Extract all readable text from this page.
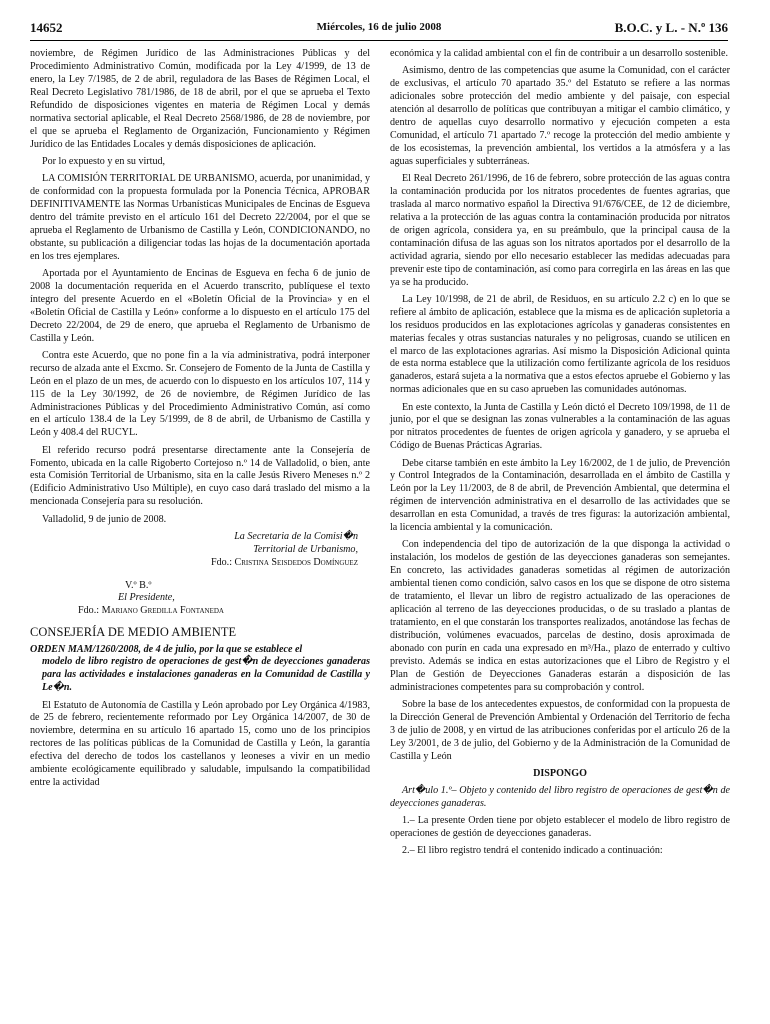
14652	Miércoles, 16 de julio 2008	B.O.C. y L. - N.º 136

noviembre, de Régimen Jurídico de las Administraciones Públicas y del Procedimiento Administrativo Común, modificada por la Ley 4/1999, de 13 de enero, la Ley 7/1985, de 2 de abril, reguladora de las Bases de Régimen Local, el Real Decreto Legislativo 781/1986, de 18 de abril, por el que se aprueba el Texto Refundido de disposiciones vigentes en materia de Régimen Local y demás normativa sectorial aplicable, el Real Decreto 2568/1986, de 28 de noviembre, por el que se aprueba el Reglamento de Organización, Funcionamiento y Régimen Jurídico de las Entidades Locales y demás disposiciones de aplicación.

Por lo expuesto y en su virtud,

LA COMISIÓN TERRITORIAL DE URBANISMO, acuerda, por unanimidad, y de conformidad con la propuesta formulada por la Ponencia Técnica, APROBAR DEFINITIVAMENTE las Normas Urbanísticas Municipales de Encinas de Esgueva dentro del trámite previsto en el artículo 161 del Decreto 22/2004, por el que se aprueba el Reglamento de Urbanismo de Castilla y León, CONDICIONANDO, no obstante, su publicación a diligenciar todas las hojas de la documentación aportada en los tres ejemplares.

Aportada por el Ayuntamiento de Encinas de Esgueva en fecha 6 de junio de 2008 la documentación requerida en el Acuerdo transcrito, publíquese el texto íntegro del presente Acuerdo en el «Boletín Oficial de la Provincia» y en el «Boletín Oficial de Castilla y León» conforme a lo dispuesto en el artículo 175 del Decreto 22/2004, de 29 de enero, que aprueba el Reglamento de Urbanismo de Castilla y León.

Contra este Acuerdo, que no pone fin a la vía administrativa, podrá interponer recurso de alzada ante el Excmo. Sr. Consejero de Fomento de la Junta de Castilla y León en el plazo de un mes, de acuerdo con lo dispuesto en los artículos 107, 114 y 115 de la Ley 30/1992, de 26 de noviembre, de Régimen Jurídico de las Administraciones Públicas y del Procedimiento Administrativo Común, así como en el artículo 138.4 de la Ley 5/1999, de 8 de abril, de Urbanismo de Castilla y León y 408.4 del RUCYL.

El referido recurso podrá presentarse directamente ante la Consejería de Fomento, ubicada en la calle Rigoberto Cortejoso n.º 14 de Valladolid, o bien, ante esta Comisión Territorial de Urbanismo, sita en la calle Jesús Rivero Meneses n.º 2 (Edificio Administrativo Uso Múltiple), en cuyo caso dará traslado del mismo a la mencionada Consejería para su resolución.

Valladolid, 9 de junio de 2008.

La Secretaria de la Comisi�n
Territorial de Urbanismo,
Fdo.: Cristina Seisdedos Domínguez
V.º B.º
El Presidente,
Fdo.: Mariano Gredilla Fontaneda

CONSEJERÍA DE MEDIO AMBIENTE

ORDEN MAM/1260/2008, de 4 de julio, por la que se establece el
modelo de libro registro de operaciones de gest�n de deyecciones ganaderas para las actividades e instalaciones ganaderas en la Comunidad de Castilla y Le�n.

El Estatuto de Autonomía de Castilla y León aprobado por Ley Orgánica 4/1983, de 25 de febrero, recientemente reformado por Ley Orgánica 14/2007, de 30 de noviembre, determina en su artículo 16 apartado 15, como uno de los principios rectores de las políticas públicas de la Comunidad de Castilla y León, la garantía efectiva del derecho de todos los castellanos y leoneses a vivir en un medio ambiente ecológicamente equilibrado y saludable, impulsando la compatibilidad entre la actividad

económica y la calidad ambiental con el fin de contribuir a un desarrollo sostenible.

Asimismo, dentro de las competencias que asume la Comunidad, con el carácter de exclusivas, el artículo 70 apartado 35.º del Estatuto se refiere a las normas adicionales sobre protección del medio ambiente y del paisaje, con especial atención al desarrollo de políticas que contribuyan a mitigar el cambio climático, y dentro de aquellas cuyo desarrollo normativo y ejecución competen a esta Comunidad, el artículo 71 apartado 7.º recoge la protección del medio ambiente y de los ecosistemas, la prevención ambiental, los vertidos a la atmósfera y a las aguas superficiales y subterráneas.

El Real Decreto 261/1996, de 16 de febrero, sobre protección de las aguas contra la contaminación producida por los nitratos procedentes de fuentes agrarias, que traslada al marco normativo español la Directiva 91/676/CEE, de 12 de diciembre, relativa a la protección de las aguas contra la contaminación producida por nitratos de origen agrícola, considera ya, en su preámbulo, que la principal causa de la contaminación difusa de las aguas son los nitratos aportados por el desarrollo de la actividad agraria, siendo por ello necesario establecer las medidas adecuadas para prevenir este tipo de contaminación, así como para corregirla en las áreas en las que ya se ha producido.

La Ley 10/1998, de 21 de abril, de Residuos, en su artículo 2.2 c) en lo que se refiere al ámbito de aplicación, establece que la misma es de aplicación supletoria a los residuos producidos en las explotaciones agrícolas y ganaderas consistentes en materias fecales y otras sustancias naturales y no peligrosas, cuando se utilicen en el marco de las explotaciones agrarias. Así mismo la Disposición Adicional quinta de esta norma establece que la utilización como fertilizante agrícola de los residuos ganaderos, estará sujeta a la normativa que a estos efectos apruebe el Gobierno y las normas adicionales que en su caso aprueben las comunidades autónomas.

En este contexto, la Junta de Castilla y León dictó el Decreto 109/1998, de 11 de junio, por el que se designan las zonas vulnerables a la contaminación de las aguas por nitratos procedentes de fuentes de origen agrícola y ganadero, y se aprueba el Código de Buenas Prácticas Agrarias.

Debe citarse también en este ámbito la Ley 16/2002, de 1 de julio, de Prevención y Control Integrados de la Contaminación, desarrollada en el ámbito de Castilla y León por la Ley 11/2003, de 8 de abril, de Prevención Ambiental, que determina el régimen de intervención administrativa en el desarrollo de las actividades que se desarrollan en esta Comunidad, a través de tres figuras: la autorización ambiental, la licencia ambiental y la comunicación.

Con independencia del tipo de autorización de la que disponga la actividad o instalación, los modelos de gestión de las deyecciones ganaderas son semejantes. En concreto, las actividades ganaderas sometidas al régimen de autorización ambiental tienen como condición, salvo casos en los que se dispone de otro sistema de tratamiento, el llevar un libro de registro actualizado de las operaciones de aplicación al terreno de las deyecciones producidas, o de su traslado a plantas de tratamiento, en el que constarán los transportes realizados, anotándose las fechas de distribución, volúmenes evacuados, parcelas de destino, dosis aproximada de abonado con purín en cada una expresado en m³/Ha., plazo de enterrado y cultivo previsto. Además se indica en estas autorizaciones que el Libro de Registro y el Plan de Gestión de Deyecciones Ganaderas estarán a disposición de las administraciones competentes para su comprobación y control.

Sobre la base de los antecedentes expuestos, de conformidad con la propuesta de la Dirección General de Prevención Ambiental y Ordenación del Territorio de fecha 3 de julio de 2008, y en virtud de las atribuciones conferidas por el artículo 26 de la Ley 3/2001, de 3 de julio, del Gobierno y de la Administración de la Comunidad de Castilla y León

DISPONGO

Art�ulo 1.º– Objeto y contenido del libro registro de operaciones de gest�n de deyecciones ganaderas.

1.– La presente Orden tiene por objeto establecer el modelo de libro registro de operaciones de gestión de deyecciones ganaderas.

2.– El libro registro tendrá el contenido indicado a continuación:
